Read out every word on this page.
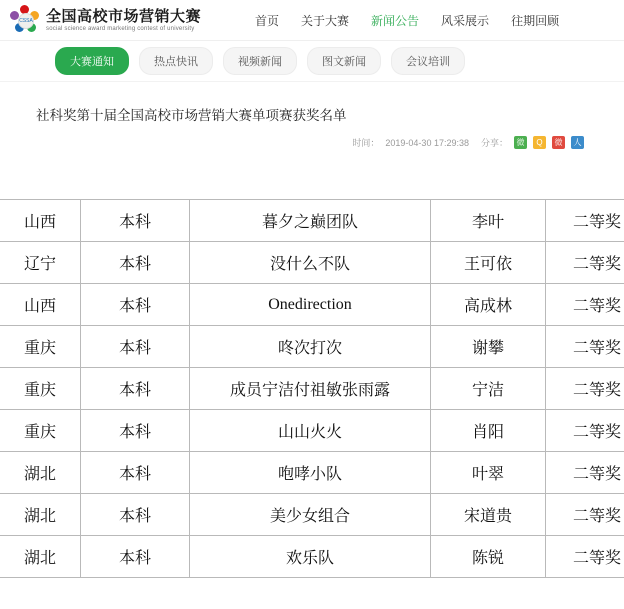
CSSA 全国高校市场营销大赛
social science award marketing contest of university
首页 关于大赛 新闻公告 风采展示 往期回顾
大赛通知	热点快讯	视频新闻	图文新闻	会议培训
社科奖第十届全国高校市场营销大赛单项赛获奖名单
时间： 2019-04-30 17:29:38 分享：	微	Q	微	人
山西	本科	暮夕之巅团队	李叶	二等奖
辽宁	本科	没什么不队	王可依	二等奖
山西	本科	Onedirection	高成林	二等奖
重庆	本科	咚次打次	谢攀	二等奖
重庆	本科	成员宁洁付祖敏张雨露	宁洁	二等奖
重庆	本科	山山火火	肖阳	二等奖
湖北	本科	咆哮小队	叶翠	二等奖
湖北	本科	美少女组合	宋道贵	二等奖
湖北	本科	欢乐队	陈锐	二等奖
